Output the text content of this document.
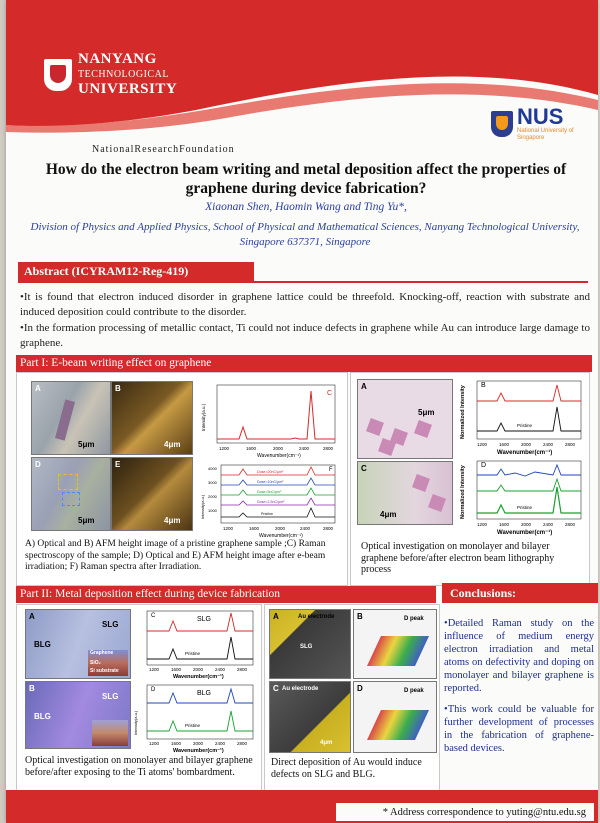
NANYANG
TECHNOLOGICAL
UNIVERSITY
NUS
National University of Singapore
NationalResearchFoundation
How do the electron beam writing and metal deposition affect the properties of graphene during device fabrication?
Xiaonan Shen, Haomin Wang and Ting Yu*,
Division of Physics and Applied Physics, School of Physical and Mathematical Sciences, Nanyang Technological University, Singapore 637371, Singapore
Abstract (ICYRAM12-Reg-419)

•It is found that electron induced disorder in graphene lattice could be threefold. Knocking-off, reaction with substrate and induced deposition could contribute to the disorder.

•In the formation processing of metallic contact, Ti could not induce defects in graphene while Au can introduce large damage to graphene.

Part I: E-beam writing effect on graphene
A
5μm
B
4μm
D
5μm
E
4μm
C
Intensity(a.u.)
1200	1600	2000	2400	2800
Wavenumber(cm⁻¹)
F
Dose=20nC/μm²
Dose=10nC/μm²
Dose=5nC/μm²
Dose=2.5nC/μm²
Pristine
4000
3000
2000
1000
Intensity(a.u.)
1200	1600	2000	2400	2800
Wavenumber(cm⁻¹)
A) Optical and B) AFM height image of a pristine graphene sample ;C) Raman spectroscopy of the sample; D) Optical and E) AFM height image after e-beam irradiation; F) Raman spectra after Irradiation.
A
5μm
C
4μm
B
Pristine
Normalized Intensity
1200	1600	2000	2400	2800
Wavenumber(cm⁻¹)
D
Pristine
Normalized Intensity
1200	1600	2000	2400	2800
Wavenumber(cm⁻¹)
Optical investigation on monolayer and bilayer graphene before/after electron beam lithography process
Part II: Metal deposition effect during device fabrication
A
SLG
BLG
Graphene
SiO₂
Si substrate
B
SLG
BLG
C	SLG
Pristine
1200	1600	2000	2400	2800
Wavenumber(cm⁻¹)
D	BLG
Pristine
Intensity(a.u.)
1200	1600	2000	2400	2800
Wavenumber(cm⁻¹)
Optical investigation on monolayer and bilayer graphene before/after exposing to the Ti atoms' bombardment.
A	Au electrode
SLG
C Au electrode
4μm
B	D peak
D	D peak
Direct deposition of Au would induce defects on SLG and BLG.
Conclusions:

•Detailed Raman study on the influence of medium energy electron irradiation and metal atoms on defectivity and doping on monolayer and bilayer graphene is reported.

•This work could be valuable for further development of processes in the fabrication of graphene-based devices.

* Address correspondence to yuting@ntu.edu.sg
